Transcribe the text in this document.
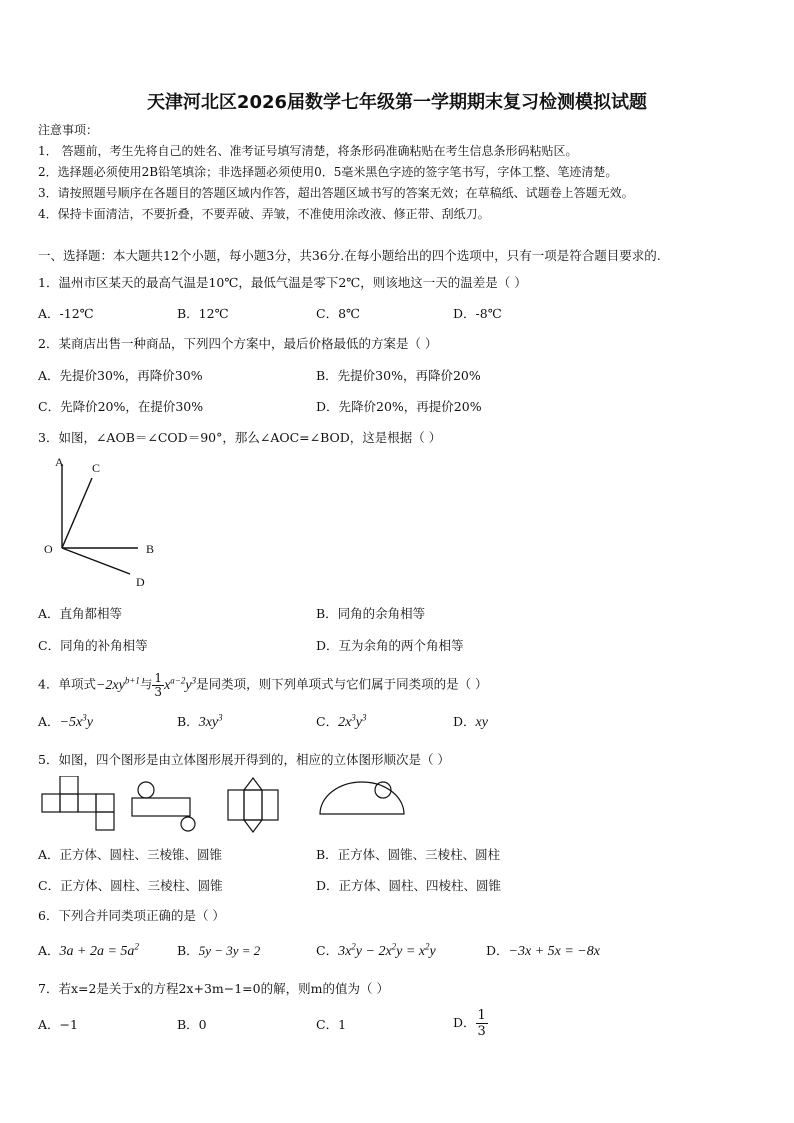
天津河北区2026届数学七年级第一学期期末复习检测模拟试题
注意事项：
1． 答题前，考生先将自己的姓名、准考证号填写清楚，将条形码准确粘贴在考生信息条形码粘贴区。
2．选择题必须使用2B铅笔填涂；非选择题必须使用0．5毫米黑色字迹的签字笔书写，字体工整、笔迹清楚。
3．请按照题号顺序在各题目的答题区域内作答，超出答题区域书写的答案无效；在草稿纸、试题卷上答题无效。
4．保持卡面清洁，不要折叠，不要弄破、弄皱，不准使用涂改液、修正带、刮纸刀。
一、选择题：本大题共12个小题，每小题3分，共36分.在每小题给出的四个选项中，只有一项是符合题目要求的.
1．温州市区某天的最高气温是10℃，最低气温是零下2℃，则该地这一天的温差是（ ）
A．-12℃	B．12℃	C．8℃	D．-8℃
2．某商店出售一种商品，下列四个方案中，最后价格最低的方案是（ ）
A．先提价30%，再降价30%	B．先提价30%，再降价20%
C．先降价20%，在提价30%	D．先降价20%，再提价20%
3．如图，∠AOB＝∠COD＝90°，那么∠AOC=∠BOD，这是根据（ ）
A C
O	B
D
A．直角都相等	B．同角的余角相等
C．同角的补角相等	D．互为余角的两个角相等
4．单项式$-2xy^{b+1}$与 $\frac{1}{3} x^{a-2}y^3$是同类项，则下列单项式与它们属于同类项的是（ ）
A．$-5x^3y$	B．$3xy^3$	C．$2x^3y^3$	D．xy
5．如图，四个图形是由立体图形展开得到的，相应的立体图形顺次是（ ）
A．正方体、圆柱、三棱锥、圆锥	B．正方体、圆锥、三棱柱、圆柱
C．正方体、圆柱、三棱柱、圆锥	D．正方体、圆柱、四棱柱、圆锥
6．下列合并同类项正确的是（ ）
A．$3a + 2a = 5a^2$	B．5y − 3y = 2	C．$3x^2y - 2x^2y = x^2y$	D．−3x + 5x = −8x
7．若x=2是关于x的方程2x+3m−1=0的解，则m的值为（ ）
A．−1	B．0	C．1	D． $\frac{1}{3}$
